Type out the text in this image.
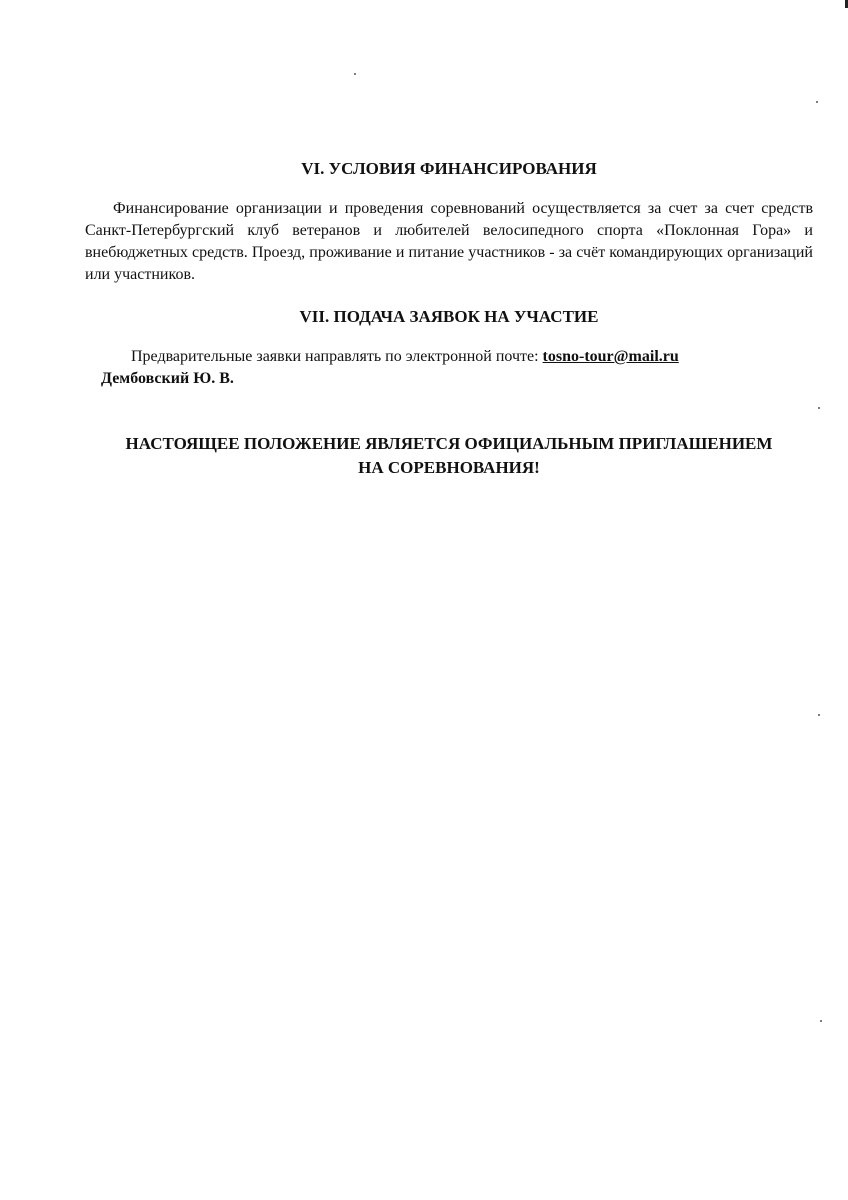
VI. УСЛОВИЯ ФИНАНСИРОВАНИЯ

Финансирование организации и проведения соревнований осуществляется за счет за счет средств Санкт-Петербургский клуб ветеранов и любителей велосипедного спорта «Поклонная Гора» и внебюджетных средств. Проезд, проживание и питание участников - за счёт командирующих организаций или участников.

VII. ПОДАЧА ЗАЯВОК НА УЧАСТИЕ

Предварительные заявки направлять по электронной почте: tosno-tour@mail.ru

Дембовский Ю. В.

НАСТОЯЩЕЕ ПОЛОЖЕНИЕ ЯВЛЯЕТСЯ ОФИЦИАЛЬНЫМ ПРИГЛАШЕНИЕМ
НА СОРЕВНОВАНИЯ!
